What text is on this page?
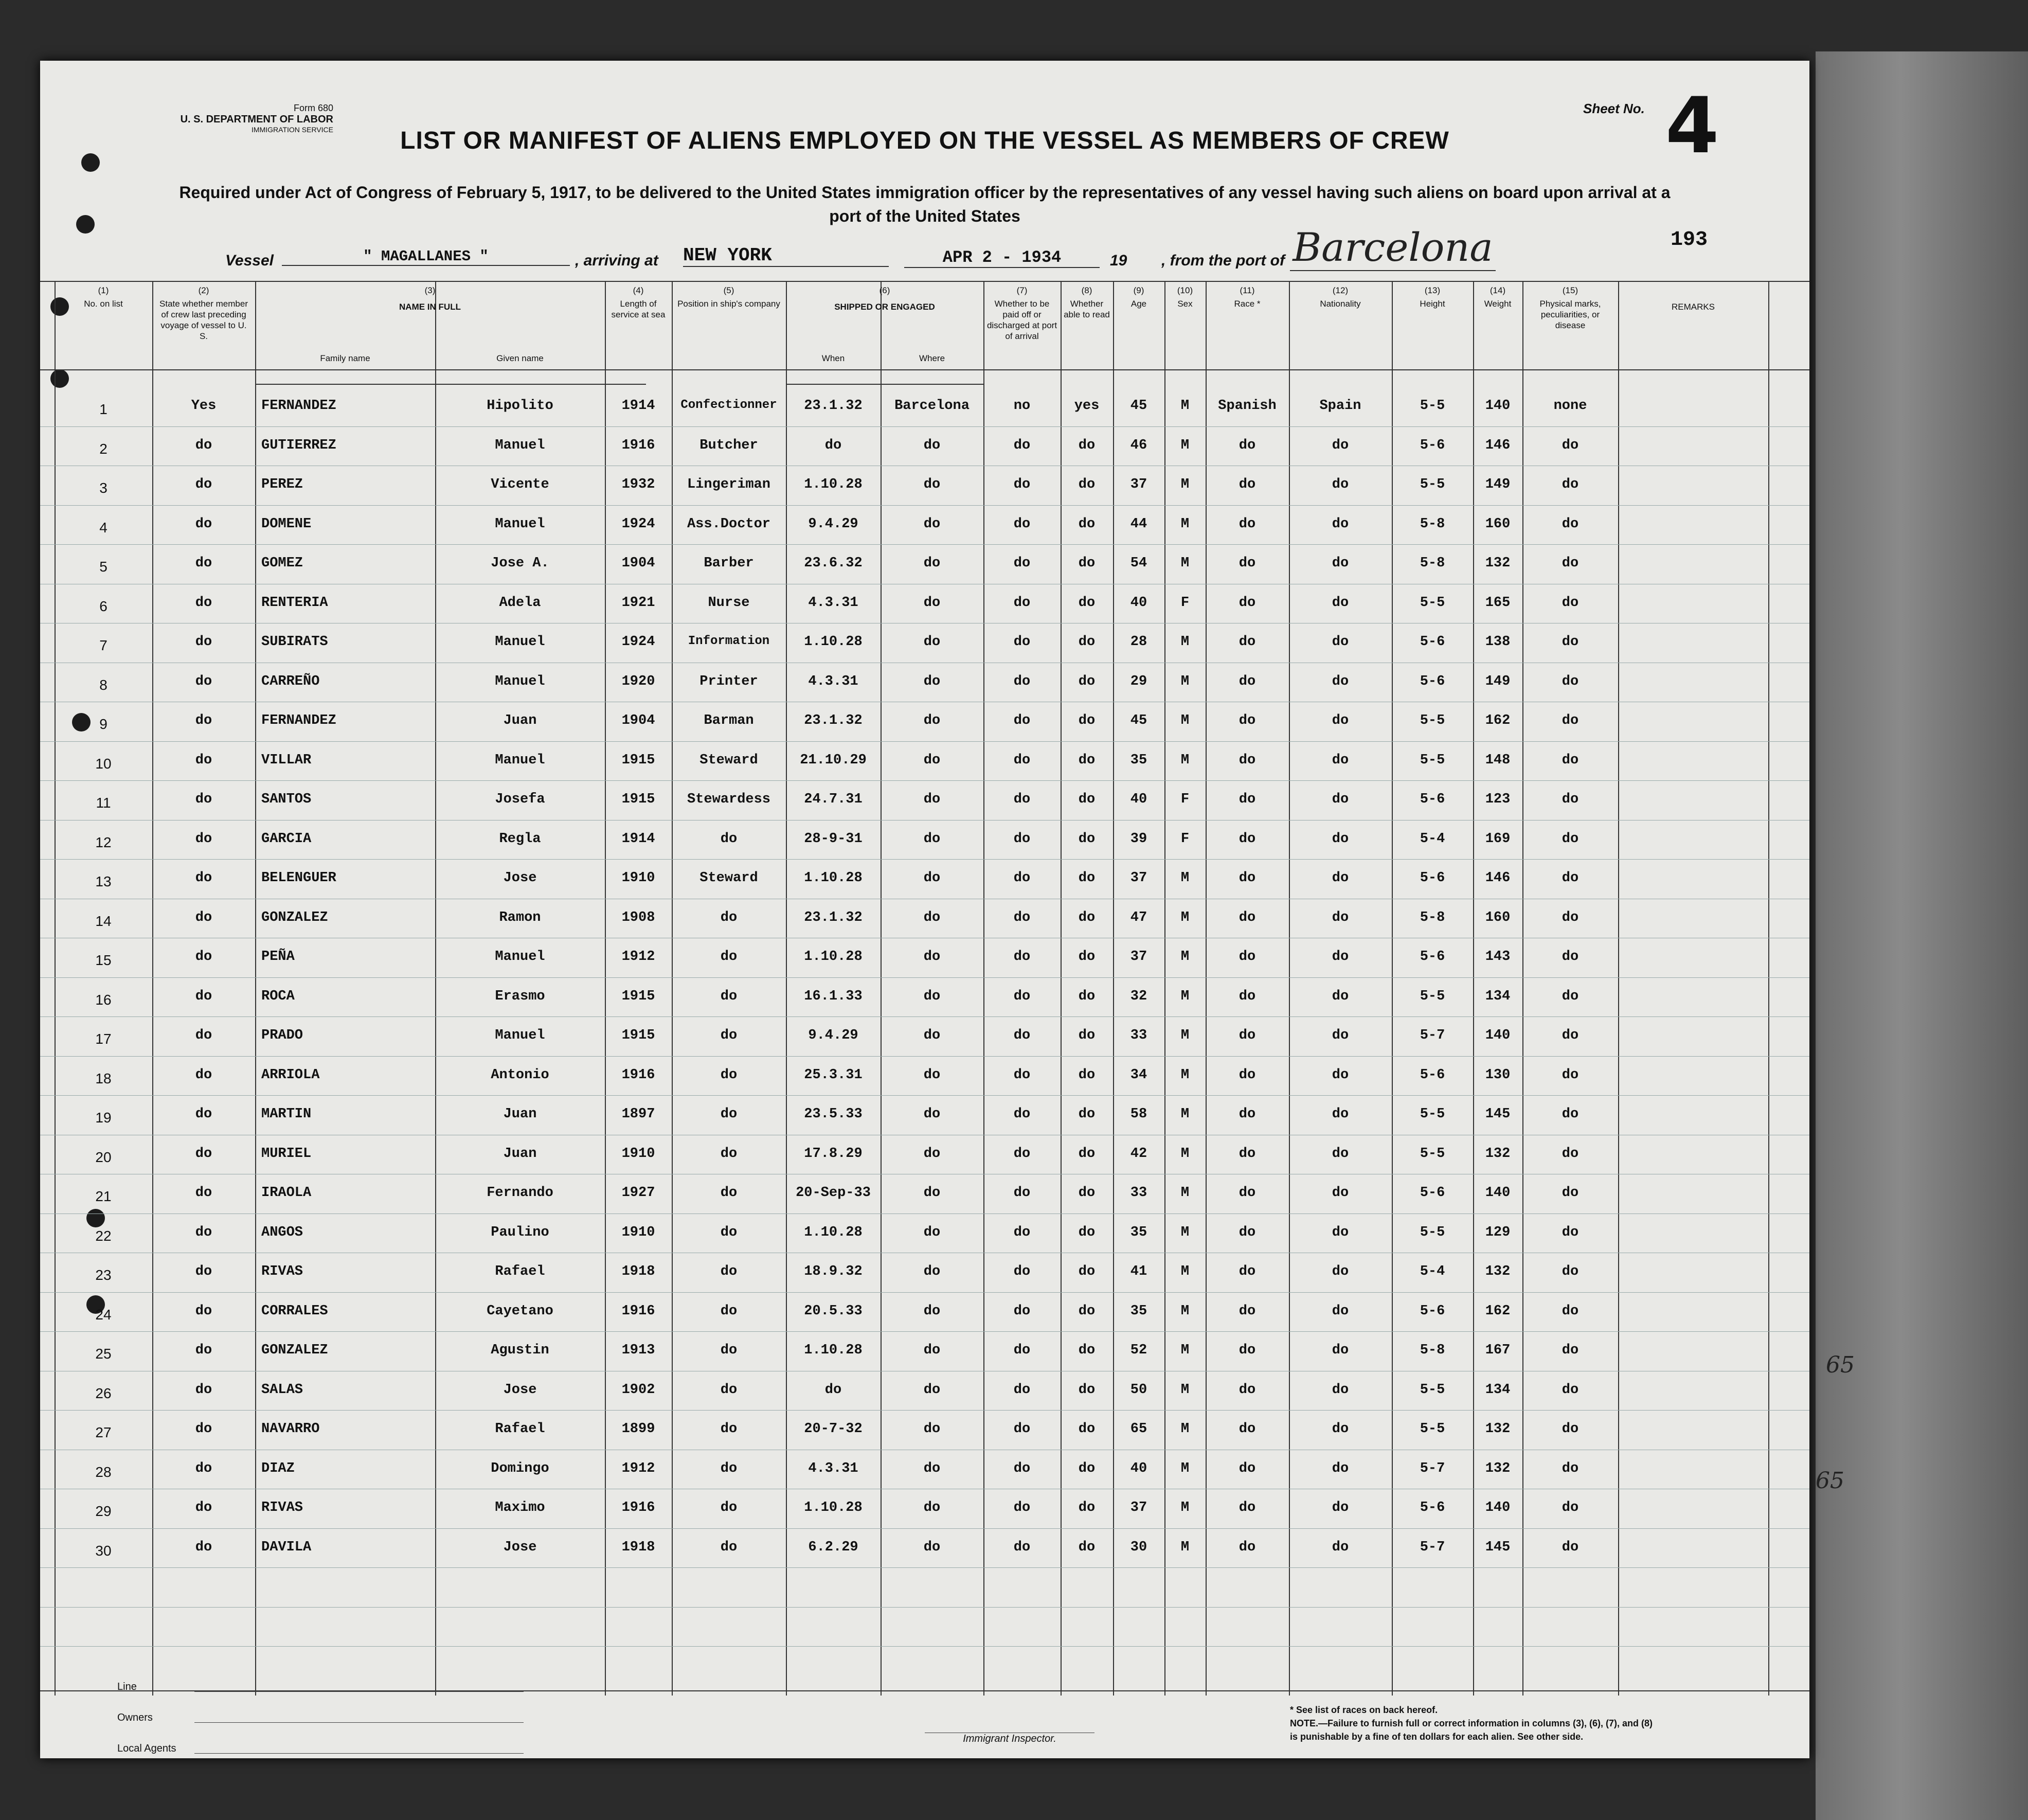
Form 680
U. S. DEPARTMENT OF LABOR
IMMIGRATION SERVICE
Sheet No. 4
LIST OR MANIFEST OF ALIENS EMPLOYED ON THE VESSEL AS MEMBERS OF CREW
Required under Act of Congress of February 5, 1917, to be delivered to the United States immigration officer by the representatives of any vessel having such aliens on board upon arrival at a
port of the United States
Vessel	" MAGALLANES "	, arriving at NEW YORK	APR 2 - 1934	19 , from the port of Barcelona	193
(1)
No. on list
(2)
State whether member of crew last preceding voyage of vessel to U. S.
(3)
NAME IN FULL
(4)
Length of service at sea
(5)
Position in ship's company
(6)
SHIPPED OR ENGAGED
(7)
Whether to be paid off or discharged at port of arrival
(8)
Whether able to read
(9)
Age
(10)
Sex
(11)
Race *
(12)
Nationality
(13)
Height
(14)
Weight
(15)
Physical marks, peculiarities, or disease
REMARKS
Family name	Given name	When	Where
1	Yes	FERNANDEZ	Hipolito	1914	Confectionner	23.1.32	Barcelona	no	yes	45	M	Spanish	Spain	5-5	140	none
2	do	GUTIERREZ	Manuel	1916	Butcher	do	do	do	do	46	M	do	do	5-6	146	do
3	do	PEREZ	Vicente	1932	Lingeriman	1.10.28	do	do	do	37	M	do	do	5-5	149	do
4	do	DOMENE	Manuel	1924	Ass.Doctor	9.4.29	do	do	do	44	M	do	do	5-8	160	do
5	do	GOMEZ	Jose A.	1904	Barber	23.6.32	do	do	do	54	M	do	do	5-8	132	do
6	do	RENTERIA	Adela	1921	Nurse	4.3.31	do	do	do	40	F	do	do	5-5	165	do
7	do	SUBIRATS	Manuel	1924	Information	1.10.28	do	do	do	28	M	do	do	5-6	138	do
8	do	CARREÑO	Manuel	1920	Printer	4.3.31	do	do	do	29	M	do	do	5-6	149	do
9	do	FERNANDEZ	Juan	1904	Barman	23.1.32	do	do	do	45	M	do	do	5-5	162	do
10	do	VILLAR	Manuel	1915	Steward	21.10.29	do	do	do	35	M	do	do	5-5	148	do
11	do	SANTOS	Josefa	1915	Stewardess	24.7.31	do	do	do	40	F	do	do	5-6	123	do
12	do	GARCIA	Regla	1914	do	28-9-31	do	do	do	39	F	do	do	5-4	169	do
13	do	BELENGUER	Jose	1910	Steward	1.10.28	do	do	do	37	M	do	do	5-6	146	do
14	do	GONZALEZ	Ramon	1908	do	23.1.32	do	do	do	47	M	do	do	5-8	160	do
15	do	PEÑA	Manuel	1912	do	1.10.28	do	do	do	37	M	do	do	5-6	143	do
16	do	ROCA	Erasmo	1915	do	16.1.33	do	do	do	32	M	do	do	5-5	134	do
17	do	PRADO	Manuel	1915	do	9.4.29	do	do	do	33	M	do	do	5-7	140	do
18	do	ARRIOLA	Antonio	1916	do	25.3.31	do	do	do	34	M	do	do	5-6	130	do
19	do	MARTIN	Juan	1897	do	23.5.33	do	do	do	58	M	do	do	5-5	145	do
20	do	MURIEL	Juan	1910	do	17.8.29	do	do	do	42	M	do	do	5-5	132	do
21	do	IRAOLA	Fernando	1927	do	20-Sep-33	do	do	do	33	M	do	do	5-6	140	do
22	do	ANGOS	Paulino	1910	do	1.10.28	do	do	do	35	M	do	do	5-5	129	do
23	do	RIVAS	Rafael	1918	do	18.9.32	do	do	do	41	M	do	do	5-4	132	do
24	do	CORRALES	Cayetano	1916	do	20.5.33	do	do	do	35	M	do	do	5-6	162	do
25	do	GONZALEZ	Agustin	1913	do	1.10.28	do	do	do	52	M	do	do	5-8	167	do
26	do	SALAS	Jose	1902	do	do	do	do	do	50	M	do	do	5-5	134	do
27	do	NAVARRO	Rafael	1899	do	20-7-32	do	do	do	65	M	do	do	5-5	132	do
28	do	DIAZ	Domingo	1912	do	4.3.31	do	do	do	40	M	do	do	5-7	132	do
29	do	RIVAS	Maximo	1916	do	1.10.28	do	do	do	37	M	do	do	5-6	140	do
30	do	DAVILA	Jose	1918	do	6.2.29	do	do	do	30	M	do	do	5-7	145	do
65
65
Line
Owners
Local Agents
Immigrant Inspector.
* See list of races on back hereof.
NOTE.—Failure to furnish full or correct information in columns (3), (6), (7), and (8)
is punishable by a fine of ten dollars for each alien. See other side.
